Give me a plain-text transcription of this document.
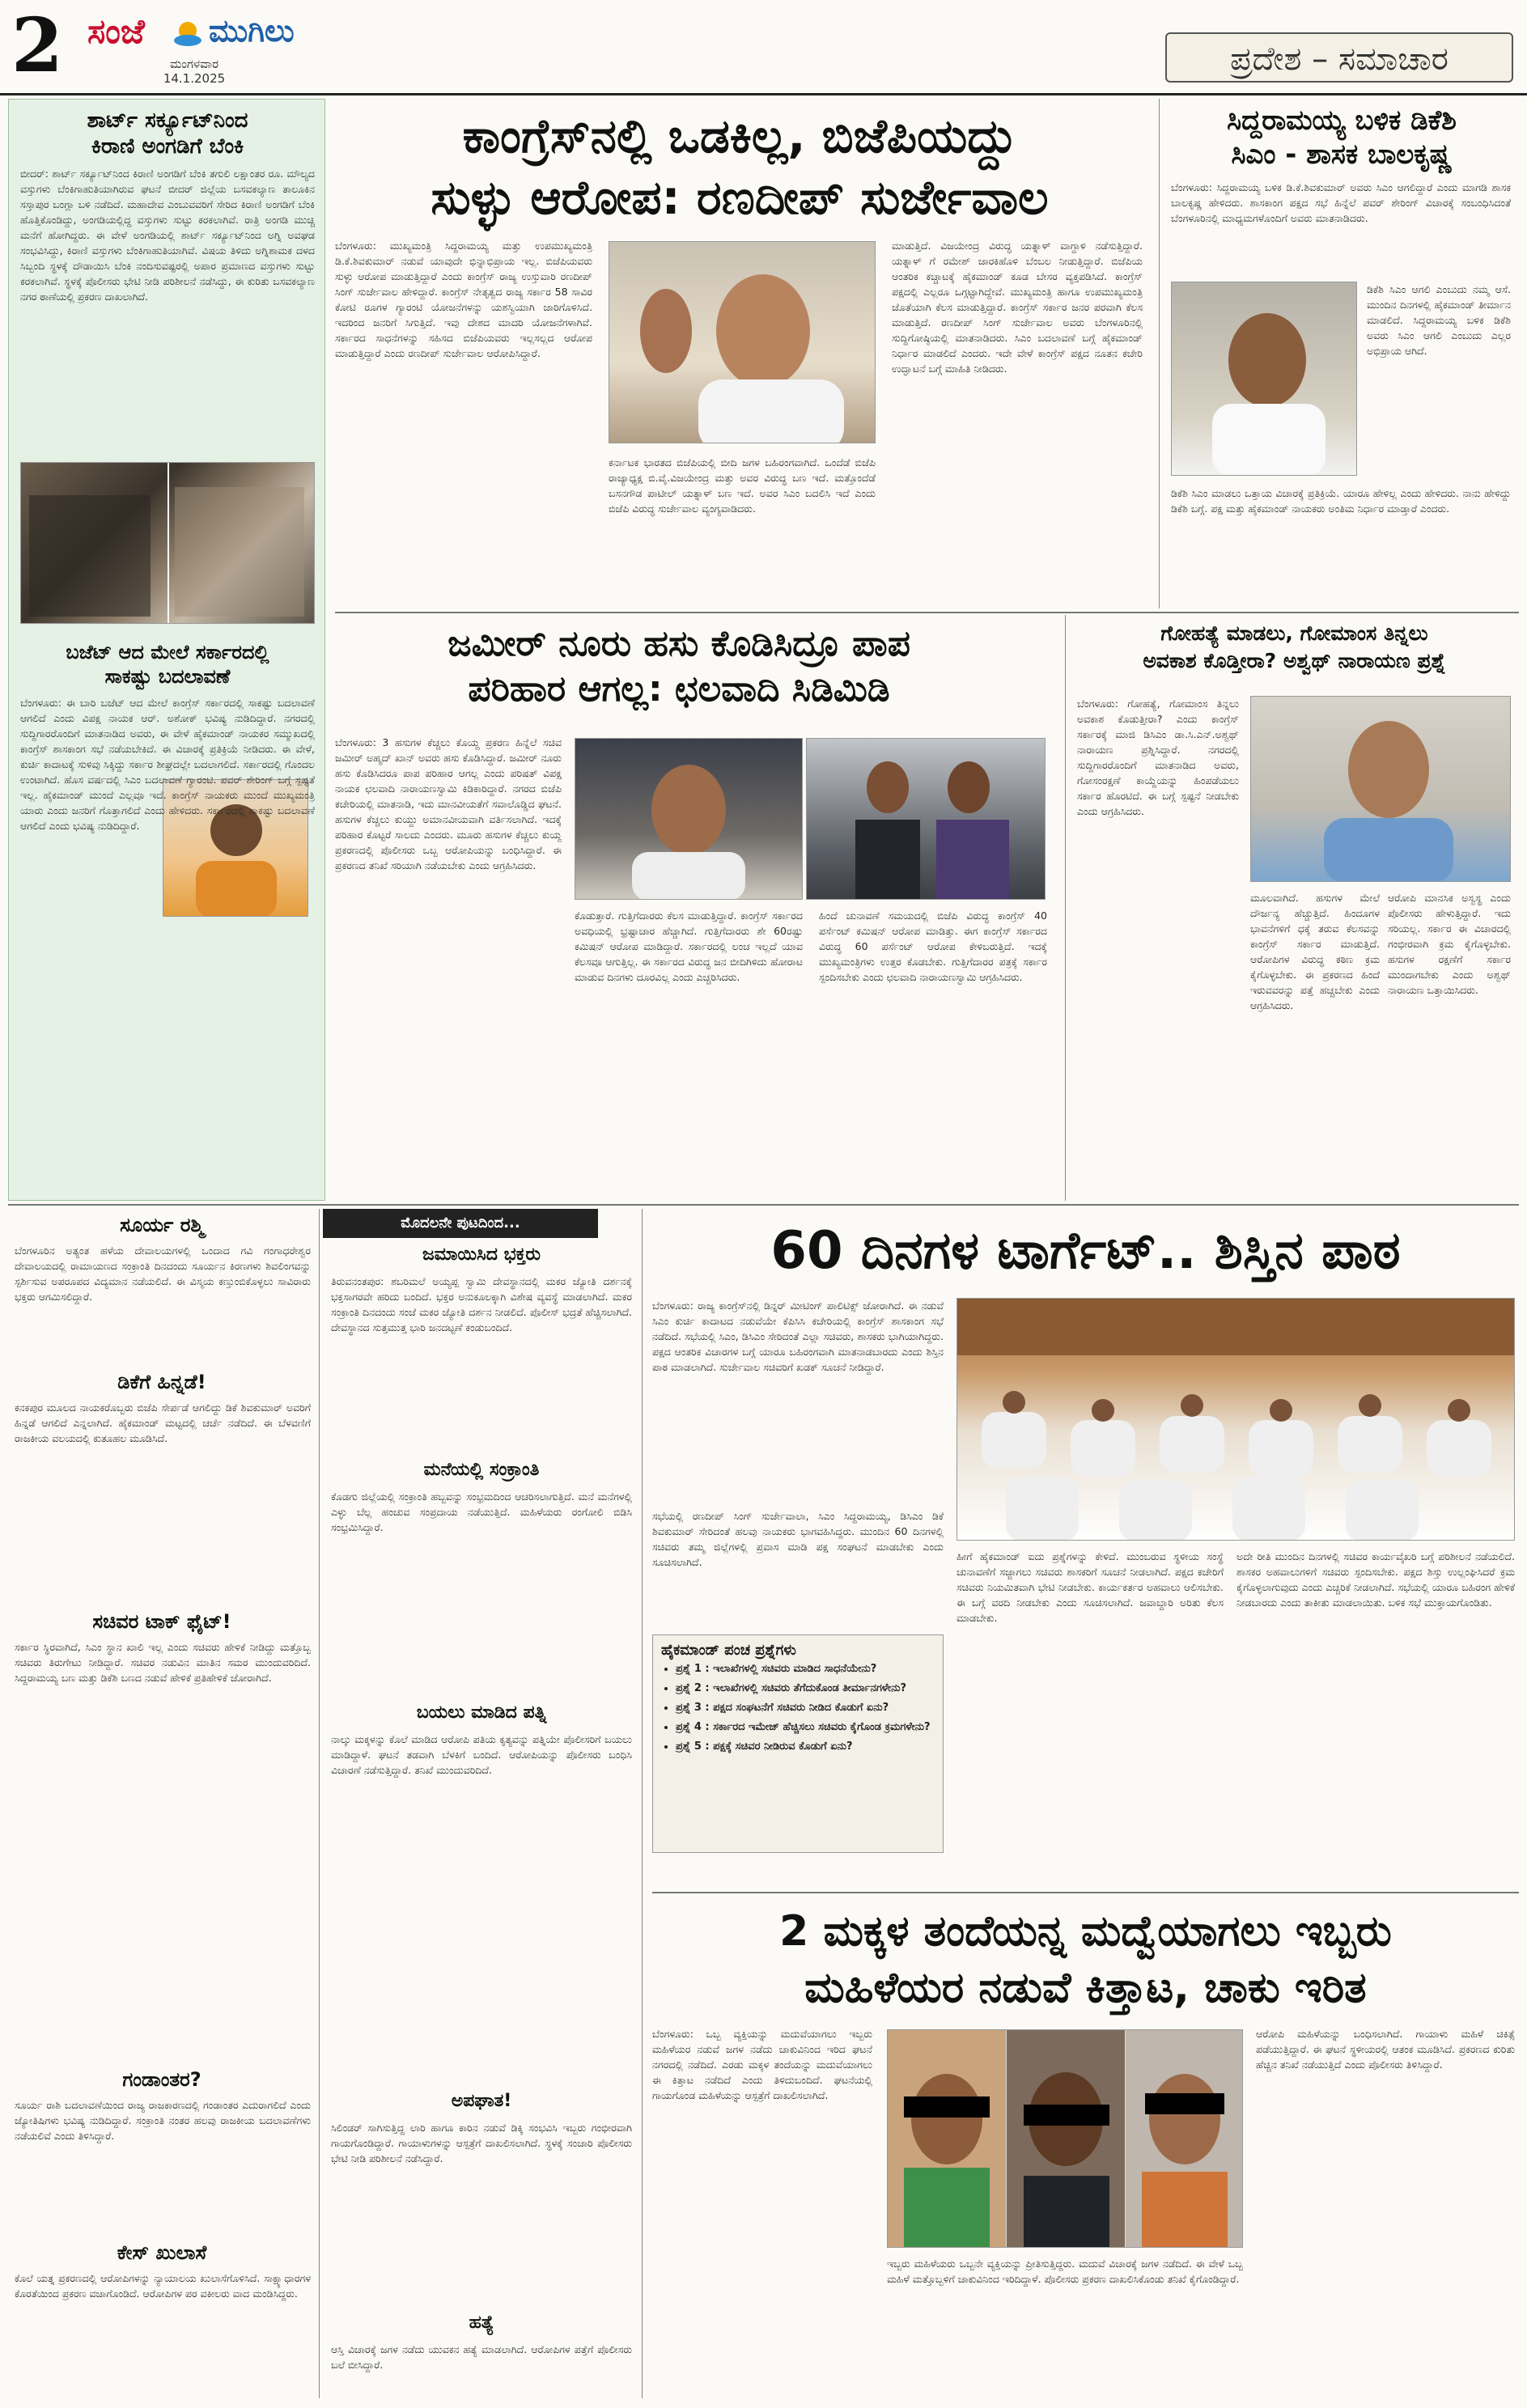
2 ಸಂಜೆ ಮುಗಿಲು
ಮಂಗಳವಾರ
14.1.2025
ಪ್ರದೇಶ – ಸಮಾಚಾರ
ಶಾರ್ಟ್ ಸರ್ಕ್ಯೂಟ್‌ನಿಂದ
ಕಿರಾಣಿ ಅಂಗಡಿಗೆ ಬೆಂಕಿ
ಬೀದರ್: ಶಾರ್ಟ್ ಸರ್ಕ್ಯೂಟ್‌ನಿಂದ ಕಿರಾಣಿ ಅಂಗಡಿಗೆ ಬೆಂಕಿ ತಗುಲಿ ಲಕ್ಷಾಂತರ ರೂ. ಮೌಲ್ಯದ ವಸ್ತುಗಳು ಬೆಂಕಿಗಾಹುತಿಯಾಗಿರುವ ಘಟನೆ ಬೀದರ್ ಜಿಲ್ಲೆಯ ಬಸವಕಲ್ಯಾಣ ತಾಲೂಕಿನ ಸಸ್ತಾಪುರ ಬಂಗ್ಲಾ ಬಳಿ ನಡೆದಿದೆ. ಮಹಾದೇವ ಎಂಬುವವರಿಗೆ ಸೇರಿದ ಕಿರಾಣಿ ಅಂಗಡಿಗೆ ಬೆಂಕಿ ಹೊತ್ತಿಕೊಂಡಿದ್ದು, ಅಂಗಡಿಯಲ್ಲಿದ್ದ ವಸ್ತುಗಳು ಸುಟ್ಟು ಕರಕಲಾಗಿವೆ. ರಾತ್ರಿ ಅಂಗಡಿ ಮುಚ್ಚಿ ಮನೆಗೆ ಹೋಗಿದ್ದರು. ಈ ವೇಳೆ ಅಂಗಡಿಯಲ್ಲಿ ಶಾರ್ಟ್ ಸರ್ಕ್ಯೂಟ್‌ನಿಂದ ಅಗ್ನಿ ಅವಘಡ ಸಂಭವಿಸಿದ್ದು, ಕಿರಾಣಿ ವಸ್ತುಗಳು ಬೆಂಕಿಗಾಹುತಿಯಾಗಿವೆ. ವಿಷಯ ತಿಳಿದು ಅಗ್ನಿಶಾಮಕ ದಳದ ಸಿಬ್ಬಂದಿ ಸ್ಥಳಕ್ಕೆ ದೌಡಾಯಿಸಿ ಬೆಂಕಿ ನಂದಿಸುವಷ್ಟರಲ್ಲಿ ಅಪಾರ ಪ್ರಮಾಣದ ವಸ್ತುಗಳು ಸುಟ್ಟು ಕರಕಲಾಗಿವೆ. ಸ್ಥಳಕ್ಕೆ ಪೊಲೀಸರು ಭೇಟಿ ನೀಡಿ ಪರಿಶೀಲನೆ ನಡೆಸಿದ್ದು, ಈ ಕುರಿತು ಬಸವಕಲ್ಯಾಣ ನಗರ ಠಾಣೆಯಲ್ಲಿ ಪ್ರಕರಣ ದಾಖಲಾಗಿದೆ.
ಬಜೆಟ್ ಆದ ಮೇಲೆ ಸರ್ಕಾರದಲ್ಲಿ
ಸಾಕಷ್ಟು ಬದಲಾವಣೆ
ಬೆಂಗಳೂರು: ಈ ಬಾರಿ ಬಜೆಟ್ ಆದ ಮೇಲೆ ಕಾಂಗ್ರೆಸ್ ಸರ್ಕಾರದಲ್ಲಿ ಸಾಕಷ್ಟು ಬದಲಾವಣೆ ಆಗಲಿದೆ ಎಂದು ವಿಪಕ್ಷ ನಾಯಕ ಆರ್. ಅಶೋಕ್ ಭವಿಷ್ಯ ನುಡಿದಿದ್ದಾರೆ. ನಗರದಲ್ಲಿ ಸುದ್ದಿಗಾರರೊಂದಿಗೆ ಮಾತನಾಡಿದ ಅವರು, ಈ ವೇಳೆ ಹೈಕಮಾಂಡ್ ನಾಯಕರ ಸಮ್ಮುಖದಲ್ಲಿ ಕಾಂಗ್ರೆಸ್ ಶಾಸಕಾಂಗ ಸಭೆ ನಡೆಯಬೇಕಿದೆ. ಈ ವಿಚಾರಕ್ಕೆ ಪ್ರತಿಕ್ರಿಯೆ ನೀಡಿದರು. ಈ ವೇಳೆ, ಕುರ್ಚಿ ಕಾದಾಟಕ್ಕೆ ಸುಳಿವು ಸಿಕ್ಕಿದ್ದು ಸರ್ಕಾರ ಶೀಘ್ರದಲ್ಲೇ ಬದಲಾಗಲಿದೆ. ಸರ್ಕಾರದಲ್ಲಿ ಗೊಂದಲ ಉಂಟಾಗಿದೆ. ಹೊಸ ವರ್ಷದಲ್ಲಿ ಸಿಎಂ ಬದಲಾವಣೆ ಗ್ಯಾರಂಟಿ. ಪವರ್ ಶೇರಿಂಗ್ ಬಗ್ಗೆ ಸ್ಪಷ್ಟತೆ ಇಲ್ಲ. ಹೈಕಮಾಂಡ್ ಮುಂದೆ ಎಲ್ಲವೂ ಇದೆ. ಕಾಂಗ್ರೆಸ್ ನಾಯಕರು ಮುಂದೆ ಮುಖ್ಯಮಂತ್ರಿ ಯಾರು ಎಂದು ಜನರಿಗೆ ಗೊತ್ತಾಗಲಿದೆ ಎಂದು ಹೇಳಿದರು. ಸರ್ಕಾರದಲ್ಲಿ ಸಾಕಷ್ಟು ಬದಲಾವಣೆ ಆಗಲಿದೆ ಎಂದು ಭವಿಷ್ಯ ನುಡಿದಿದ್ದಾರೆ.
ಕಾಂಗ್ರೆಸ್‌ನಲ್ಲಿ ಒಡಕಿಲ್ಲ, ಬಿಜೆಪಿಯದ್ದು
ಸುಳ್ಳು ಆರೋಪ: ರಣದೀಪ್ ಸುರ್ಜೇವಾಲ
ಬೆಂಗಳೂರು: ಮುಖ್ಯಮಂತ್ರಿ ಸಿದ್ದರಾಮಯ್ಯ ಮತ್ತು ಉಪಮುಖ್ಯಮಂತ್ರಿ ಡಿ.ಕೆ.ಶಿವಕುಮಾರ್ ನಡುವೆ ಯಾವುದೇ ಭಿನ್ನಾಭಿಪ್ರಾಯ ಇಲ್ಲ. ಬಿಜೆಪಿಯವರು ಸುಳ್ಳು ಆರೋಪ ಮಾಡುತ್ತಿದ್ದಾರೆ ಎಂದು ಕಾಂಗ್ರೆಸ್ ರಾಜ್ಯ ಉಸ್ತುವಾರಿ ರಣದೀಪ್ ಸಿಂಗ್ ಸುರ್ಜೇವಾಲ ಹೇಳಿದ್ದಾರೆ. ಕಾಂಗ್ರೆಸ್ ನೇತೃತ್ವದ ರಾಜ್ಯ ಸರ್ಕಾರ 58 ಸಾವಿರ ಕೋಟಿ ರೂಗಳ ಗ್ಯಾರಂಟಿ ಯೋಜನೆಗಳನ್ನು ಯಶಸ್ವಿಯಾಗಿ ಜಾರಿಗೊಳಿಸಿದೆ. ಇದರಿಂದ ಜನರಿಗೆ ಸಿಗುತ್ತಿದೆ. ಇವು ದೇಶದ ಮಾದರಿ ಯೋಜನೆಗಳಾಗಿವೆ. ಸರ್ಕಾರದ ಸಾಧನೆಗಳನ್ನು ಸಹಿಸದ ಬಿಜೆಪಿಯವರು ಇಲ್ಲಸಲ್ಲದ ಆರೋಪ ಮಾಡುತ್ತಿದ್ದಾರೆ ಎಂದು ರಣದೀಪ್ ಸುರ್ಜೇವಾಲ ಆರೋಪಿಸಿದ್ದಾರೆ.
ಕರ್ನಾಟಕ ಭಾರತದ ಬಿಜೆಪಿಯಲ್ಲಿ ಬೀದಿ ಜಗಳ ಬಹಿರಂಗವಾಗಿದೆ. ಒಂದೆಡೆ ಬಿಜೆಪಿ ರಾಜ್ಯಾಧ್ಯಕ್ಷ ಬಿ.ವೈ.ವಿಜಯೇಂದ್ರ ಮತ್ತು ಅವರ ವಿರುದ್ಧ ಬಣ ಇದೆ. ಮತ್ತೊಂದೆಡೆ ಬಸನಗೌಡ ಪಾಟೀಲ್ ಯತ್ನಾಳ್ ಬಣ ಇದೆ. ಅವರ ಸಿಎಂ ಬದಲಿಸಿ ಇದೆ ಎಂದು ಬಿಜೆಪಿ ವಿರುದ್ಧ ಸುರ್ಜೇವಾಲ ವ್ಯಂಗ್ಯವಾಡಿದರು.
ಮಾಡುತ್ತಿದೆ. ವಿಜಯೇಂದ್ರ ವಿರುದ್ಧ ಯತ್ನಾಳ್ ವಾಗ್ದಾಳಿ ನಡೆಸುತ್ತಿದ್ದಾರೆ. ಯತ್ನಾಳ್ ಗೆ ರಮೇಶ್ ಜಾರಕಿಹೊಳಿ ಬೆಂಬಲ ನೀಡುತ್ತಿದ್ದಾರೆ. ಬಿಜೆಪಿಯ ಆಂತರಿಕ ಕಚ್ಚಾಟಕ್ಕೆ ಹೈಕಮಾಂಡ್ ಕೂಡ ಬೇಸರ ವ್ಯಕ್ತಪಡಿಸಿದೆ. ಕಾಂಗ್ರೆಸ್ ಪಕ್ಷದಲ್ಲಿ ಎಲ್ಲರೂ ಒಗ್ಗಟ್ಟಾಗಿದ್ದೇವೆ. ಮುಖ್ಯಮಂತ್ರಿ ಹಾಗೂ ಉಪಮುಖ್ಯಮಂತ್ರಿ ಜೊತೆಯಾಗಿ ಕೆಲಸ ಮಾಡುತ್ತಿದ್ದಾರೆ. ಕಾಂಗ್ರೆಸ್ ಸರ್ಕಾರ ಜನರ ಪರವಾಗಿ ಕೆಲಸ ಮಾಡುತ್ತಿದೆ. ರಣದೀಪ್ ಸಿಂಗ್ ಸುರ್ಜೇವಾಲ ಅವರು ಬೆಂಗಳೂರಿನಲ್ಲಿ ಸುದ್ದಿಗೋಷ್ಠಿಯಲ್ಲಿ ಮಾತನಾಡಿದರು. ಸಿಎಂ ಬದಲಾವಣೆ ಬಗ್ಗೆ ಹೈಕಮಾಂಡ್ ನಿರ್ಧಾರ ಮಾಡಲಿದೆ ಎಂದರು. ಇದೇ ವೇಳೆ ಕಾಂಗ್ರೆಸ್ ಪಕ್ಷದ ನೂತನ ಕಚೇರಿ ಉದ್ಘಾಟನೆ ಬಗ್ಗೆ ಮಾಹಿತಿ ನೀಡಿದರು.
ಸಿದ್ದರಾಮಯ್ಯ ಬಳಿಕ ಡಿಕೆಶಿ
ಸಿಎಂ - ಶಾಸಕ ಬಾಲಕೃಷ್ಣ
ಬೆಂಗಳೂರು: ಸಿದ್ದರಾಮಯ್ಯ ಬಳಿಕ ಡಿ.ಕೆ.ಶಿವಕುಮಾರ್ ಅವರು ಸಿಎಂ ಆಗಲಿದ್ದಾರೆ ಎಂದು ಮಾಗಡಿ ಶಾಸಕ ಬಾಲಕೃಷ್ಣ ಹೇಳಿದರು. ಶಾಸಕಾಂಗ ಪಕ್ಷದ ಸಭೆ ಹಿನ್ನೆಲೆ ಪವರ್ ಶೇರಿಂಗ್ ವಿಚಾರಕ್ಕೆ ಸಂಬಂಧಿಸಿದಂತೆ ಬೆಂಗಳೂರಿನಲ್ಲಿ ಮಾಧ್ಯಮಗಳೊಂದಿಗೆ ಅವರು ಮಾತನಾಡಿದರು.
ಡಿಕೆಶಿ ಸಿಎಂ ಆಗಲಿ ಎಂಬುದು ನಮ್ಮ ಆಸೆ. ಮುಂದಿನ ದಿನಗಳಲ್ಲಿ ಹೈಕಮಾಂಡ್ ತೀರ್ಮಾನ ಮಾಡಲಿದೆ. ಸಿದ್ದರಾಮಯ್ಯ ಬಳಿಕ ಡಿಕೆಶಿ ಅವರು ಸಿಎಂ ಆಗಲಿ ಎಂಬುದು ಎಲ್ಲರ ಅಭಿಪ್ರಾಯ ಆಗಿದೆ.
ಡಿಕೆಶಿ ಸಿಎಂ ಮಾಡಲು ಒತ್ತಾಯ ವಿಚಾರಕ್ಕೆ ಪ್ರತಿಕ್ರಿಯೆ. ಯಾರೂ ಹೇಳಿಲ್ಲ ಎಂದು ಹೇಳಿದರು. ನಾನು ಹೇಳಿದ್ದು ಡಿಕೆಶಿ ಬಗ್ಗೆ. ಪಕ್ಷ ಮತ್ತು ಹೈಕಮಾಂಡ್ ನಾಯಕರು ಅಂತಿಮ ನಿರ್ಧಾರ ಮಾಡ್ತಾರೆ ಎಂದರು.
ಜಮೀರ್ ನೂರು ಹಸು ಕೊಡಿಸಿದ್ರೂ ಪಾಪ
ಪರಿಹಾರ ಆಗಲ್ಲ: ಛಲವಾದಿ ಸಿಡಿಮಿಡಿ
ಬೆಂಗಳೂರು: 3 ಹಸುಗಳ ಕೆಚ್ಚಲು ಕೊಯ್ದ ಪ್ರಕರಣ ಹಿನ್ನೆಲೆ ಸಚಿವ ಜಮೀರ್ ಅಹ್ಮದ್ ಖಾನ್ ಅವರು ಹಸು ಕೊಡಿಸಿದ್ದಾರೆ. ಜಮೀರ್ ನೂರು ಹಸು ಕೊಡಿಸಿದರೂ ಪಾಪ ಪರಿಹಾರ ಆಗಲ್ಲ ಎಂದು ಪರಿಷತ್ ವಿಪಕ್ಷ ನಾಯಕ ಛಲವಾದಿ ನಾರಾಯಣಸ್ವಾಮಿ ಕಿಡಿಕಾರಿದ್ದಾರೆ. ನಗರದ ಬಿಜೆಪಿ ಕಚೇರಿಯಲ್ಲಿ ಮಾತನಾಡಿ, ಇದು ಮಾನವೀಯತೆಗೆ ಸವಾಲೊಡ್ಡಿದ ಘಟನೆ. ಹಸುಗಳ ಕೆಚ್ಚಲು ಕುಯ್ದು ಅಮಾನವೀಯವಾಗಿ ವರ್ತಿಸಲಾಗಿದೆ. ಇದಕ್ಕೆ ಪರಿಹಾರ ಕೊಟ್ಟರೆ ಸಾಲದು ಎಂದರು. ಮೂರು ಹಸುಗಳ ಕೆಚ್ಚಲು ಕುಯ್ದ ಪ್ರಕರಣದಲ್ಲಿ ಪೊಲೀಸರು ಒಬ್ಬ ಆರೋಪಿಯನ್ನು ಬಂಧಿಸಿದ್ದಾರೆ. ಈ ಪ್ರಕರಣದ ತನಿಖೆ ಸರಿಯಾಗಿ ನಡೆಯಬೇಕು ಎಂದು ಆಗ್ರಹಿಸಿದರು.
ಕೊಡುತ್ತಾರೆ. ಗುತ್ತಿಗೆದಾರರು ಕೆಲಸ ಮಾಡುತ್ತಿದ್ದಾರೆ. ಕಾಂಗ್ರೆಸ್ ಸರ್ಕಾರದ ಅವಧಿಯಲ್ಲಿ ಭ್ರಷ್ಟಾಚಾರ ಹೆಚ್ಚಾಗಿದೆ. ಗುತ್ತಿಗೆದಾರರು ಶೇ 60ರಷ್ಟು ಕಮಿಷನ್ ಆರೋಪ ಮಾಡಿದ್ದಾರೆ. ಸರ್ಕಾರದಲ್ಲಿ ಲಂಚ ಇಲ್ಲದೆ ಯಾವ ಕೆಲಸವೂ ಆಗುತ್ತಿಲ್ಲ. ಈ ಸರ್ಕಾರದ ವಿರುದ್ಧ ಜನ ಬೀದಿಗಿಳಿದು ಹೋರಾಟ ಮಾಡುವ ದಿನಗಳು ದೂರವಿಲ್ಲ ಎಂದು ಎಚ್ಚರಿಸಿದರು.
ಹಿಂದೆ ಚುನಾವಣೆ ಸಮಯದಲ್ಲಿ ಬಿಜೆಪಿ ವಿರುದ್ಧ ಕಾಂಗ್ರೆಸ್ 40 ಪರ್ಸೆಂಟ್ ಕಮಿಷನ್ ಆರೋಪ ಮಾಡಿತ್ತು. ಈಗ ಕಾಂಗ್ರೆಸ್ ಸರ್ಕಾರದ ವಿರುದ್ಧ 60 ಪರ್ಸೆಂಟ್ ಆರೋಪ ಕೇಳಿಬರುತ್ತಿದೆ. ಇದಕ್ಕೆ ಮುಖ್ಯಮಂತ್ರಿಗಳು ಉತ್ತರ ಕೊಡಬೇಕು. ಗುತ್ತಿಗೆದಾರರ ಪತ್ರಕ್ಕೆ ಸರ್ಕಾರ ಸ್ಪಂದಿಸಬೇಕು ಎಂದು ಛಲವಾದಿ ನಾರಾಯಣಸ್ವಾಮಿ ಆಗ್ರಹಿಸಿದರು.
ಗೋಹತ್ಯೆ ಮಾಡಲು, ಗೋಮಾಂಸ ತಿನ್ನಲು
ಅವಕಾಶ ಕೊಡ್ತೀರಾ? ಅಶ್ವಥ್ ನಾರಾಯಣ ಪ್ರಶ್ನೆ
ಬೆಂಗಳೂರು: ಗೋಹತ್ಯೆ, ಗೋಮಾಂಸ ತಿನ್ನಲು ಅವಕಾಶ ಕೊಡುತ್ತೀರಾ? ಎಂದು ಕಾಂಗ್ರೆಸ್ ಸರ್ಕಾರಕ್ಕೆ ಮಾಜಿ ಡಿಸಿಎಂ ಡಾ.ಸಿ.ಎನ್.ಅಶ್ವಥ್ ನಾರಾಯಣ ಪ್ರಶ್ನಿಸಿದ್ದಾರೆ. ನಗರದಲ್ಲಿ ಸುದ್ದಿಗಾರರೊಂದಿಗೆ ಮಾತನಾಡಿದ ಅವರು, ಗೋಸಂರಕ್ಷಣೆ ಕಾಯ್ದೆಯನ್ನು ಹಿಂಪಡೆಯಲು ಸರ್ಕಾರ ಹೊರಟಿದೆ. ಈ ಬಗ್ಗೆ ಸ್ಪಷ್ಟನೆ ನೀಡಬೇಕು ಎಂದು ಆಗ್ರಹಿಸಿದರು.
ಮೂಲವಾಗಿದೆ. ಹಸುಗಳ ಮೇಲೆ ದೌರ್ಜನ್ಯ ಹೆಚ್ಚುತ್ತಿದೆ. ಹಿಂದೂಗಳ ಭಾವನೆಗಳಿಗೆ ಧಕ್ಕೆ ತರುವ ಕೆಲಸವನ್ನು ಕಾಂಗ್ರೆಸ್ ಸರ್ಕಾರ ಮಾಡುತ್ತಿದೆ. ಆರೋಪಿಗಳ ವಿರುದ್ಧ ಕಠಿಣ ಕ್ರಮ ಕೈಗೊಳ್ಳಬೇಕು. ಈ ಪ್ರಕರಣದ ಹಿಂದೆ ಇರುವವರನ್ನು ಪತ್ತೆ ಹಚ್ಚಬೇಕು ಎಂದು ಆಗ್ರಹಿಸಿದರು.
ಆರೋಪಿ ಮಾನಸಿಕ ಅಸ್ವಸ್ಥ ಎಂದು ಪೊಲೀಸರು ಹೇಳುತ್ತಿದ್ದಾರೆ. ಇದು ಸರಿಯಲ್ಲ. ಸರ್ಕಾರ ಈ ವಿಚಾರದಲ್ಲಿ ಗಂಭೀರವಾಗಿ ಕ್ರಮ ಕೈಗೊಳ್ಳಬೇಕು. ಹಸುಗಳ ರಕ್ಷಣೆಗೆ ಸರ್ಕಾರ ಮುಂದಾಗಬೇಕು ಎಂದು ಅಶ್ವಥ್ ನಾರಾಯಣ ಒತ್ತಾಯಿಸಿದರು.
ಸೂರ್ಯ ರಶ್ಮಿ
ಬೆಂಗಳೂರಿನ ಅತ್ಯಂತ ಹಳೆಯ ದೇವಾಲಯಗಳಲ್ಲಿ ಒಂದಾದ ಗವಿ ಗಂಗಾಧರೇಶ್ವರ ದೇವಾಲಯದಲ್ಲಿ ರಾಮಾಯಣದ ಸಂಕ್ರಾಂತಿ ದಿನದಂದು ಸೂರ್ಯನ ಕಿರಣಗಳು ಶಿವಲಿಂಗವನ್ನು ಸ್ಪರ್ಶಿಸುವ ಅಪರೂಪದ ವಿದ್ಯಮಾನ ನಡೆಯಲಿದೆ. ಈ ವಿಸ್ಮಯ ಕಣ್ತುಂಬಿಕೊಳ್ಳಲು ಸಾವಿರಾರು ಭಕ್ತರು ಆಗಮಿಸಲಿದ್ದಾರೆ.
ಡಿಕೆಗೆ ಹಿನ್ನಡೆ!
ಕನಕಪುರ ಮೂಲದ ನಾಯಕರೊಬ್ಬರು ಬಿಜೆಪಿ ಸೇರ್ಪಡೆ ಆಗಲಿದ್ದು ಡಿಕೆ ಶಿವಕುಮಾರ್ ಅವರಿಗೆ ಹಿನ್ನಡೆ ಆಗಲಿದೆ ಎನ್ನಲಾಗಿದೆ. ಹೈಕಮಾಂಡ್ ಮಟ್ಟದಲ್ಲಿ ಚರ್ಚೆ ನಡೆದಿದೆ. ಈ ಬೆಳವಣಿಗೆ ರಾಜಕೀಯ ವಲಯದಲ್ಲಿ ಕುತೂಹಲ ಮೂಡಿಸಿದೆ.
ಸಚಿವರ ಟಾಕ್ ಫೈಟ್!
ಸರ್ಕಾರ ಸ್ಥಿರವಾಗಿದೆ, ಸಿಎಂ ಸ್ಥಾನ ಖಾಲಿ ಇಲ್ಲ ಎಂದು ಸಚಿವರು ಹೇಳಿಕೆ ನೀಡಿದ್ದು ಮತ್ತೊಬ್ಬ ಸಚಿವರು ತಿರುಗೇಟು ನೀಡಿದ್ದಾರೆ. ಸಚಿವರ ನಡುವಿನ ಮಾತಿನ ಸಮರ ಮುಂದುವರಿದಿದೆ. ಸಿದ್ದರಾಮಯ್ಯ ಬಣ ಮತ್ತು ಡಿಕೆಶಿ ಬಣದ ನಡುವೆ ಹೇಳಿಕೆ ಪ್ರತಿಹೇಳಿಕೆ ಜೋರಾಗಿದೆ.
ಗಂಡಾಂತರ?
ಸೂರ್ಯ ರಾಶಿ ಬದಲಾವಣೆಯಿಂದ ರಾಜ್ಯ ರಾಜಕಾರಣದಲ್ಲಿ ಗಂಡಾಂತರ ಎದುರಾಗಲಿದೆ ಎಂದು ಜ್ಯೋತಿಷಿಗಳು ಭವಿಷ್ಯ ನುಡಿದಿದ್ದಾರೆ. ಸಂಕ್ರಾಂತಿ ನಂತರ ಹಲವು ರಾಜಕೀಯ ಬದಲಾವಣೆಗಳು ನಡೆಯಲಿವೆ ಎಂದು ತಿಳಿಸಿದ್ದಾರೆ.
ಕೇಸ್ ಖುಲಾಸೆ
ಕೊಲೆ ಯತ್ನ ಪ್ರಕರಣದಲ್ಲಿ ಆರೋಪಿಗಳನ್ನು ನ್ಯಾಯಾಲಯ ಖುಲಾಸೆಗೊಳಿಸಿದೆ. ಸಾಕ್ಷ್ಯಾಧಾರಗಳ ಕೊರತೆಯಿಂದ ಪ್ರಕರಣ ವಜಾಗೊಂಡಿದೆ. ಆರೋಪಿಗಳ ಪರ ವಕೀಲರು ವಾದ ಮಂಡಿಸಿದ್ದರು.
ಮೊದಲನೇ ಪುಟದಿಂದ...
ಜಮಾಯಿಸಿದ ಭಕ್ತರು
ತಿರುವನಂತಪುರ: ಶಬರಿಮಲೆ ಅಯ್ಯಪ್ಪ ಸ್ವಾಮಿ ದೇವಸ್ಥಾನದಲ್ಲಿ ಮಕರ ಜ್ಯೋತಿ ದರ್ಶನಕ್ಕೆ ಭಕ್ತಸಾಗರವೇ ಹರಿದು ಬಂದಿದೆ. ಭಕ್ತರ ಅನುಕೂಲಕ್ಕಾಗಿ ವಿಶೇಷ ವ್ಯವಸ್ಥೆ ಮಾಡಲಾಗಿದೆ. ಮಕರ ಸಂಕ್ರಾಂತಿ ದಿನದಂದು ಸಂಜೆ ಮಕರ ಜ್ಯೋತಿ ದರ್ಶನ ನೀಡಲಿದೆ. ಪೊಲೀಸ್ ಭದ್ರತೆ ಹೆಚ್ಚಿಸಲಾಗಿದೆ. ದೇವಸ್ಥಾನದ ಸುತ್ತಮುತ್ತ ಭಾರಿ ಜನದಟ್ಟಣೆ ಕಂಡುಬಂದಿದೆ.
ಮನೆಯಲ್ಲಿ ಸಂಕ್ರಾಂತಿ
ಕೊಡಗು ಜಿಲ್ಲೆಯಲ್ಲಿ ಸಂಕ್ರಾಂತಿ ಹಬ್ಬವನ್ನು ಸಂಭ್ರಮದಿಂದ ಆಚರಿಸಲಾಗುತ್ತಿದೆ. ಮನೆ ಮನೆಗಳಲ್ಲಿ ಎಳ್ಳು ಬೆಲ್ಲ ಹಂಚುವ ಸಂಪ್ರದಾಯ ನಡೆಯುತ್ತಿದೆ. ಮಹಿಳೆಯರು ರಂಗೋಲಿ ಬಿಡಿಸಿ ಸಂಭ್ರಮಿಸಿದ್ದಾರೆ.
ಬಯಲು ಮಾಡಿದ ಪತ್ನಿ
ನಾಲ್ಕು ಮಕ್ಕಳನ್ನು ಕೊಲೆ ಮಾಡಿದ ಆರೋಪಿ ಪತಿಯ ಕೃತ್ಯವನ್ನು ಪತ್ನಿಯೇ ಪೊಲೀಸರಿಗೆ ಬಯಲು ಮಾಡಿದ್ದಾಳೆ. ಘಟನೆ ತಡವಾಗಿ ಬೆಳಕಿಗೆ ಬಂದಿದೆ. ಆರೋಪಿಯನ್ನು ಪೊಲೀಸರು ಬಂಧಿಸಿ ವಿಚಾರಣೆ ನಡೆಸುತ್ತಿದ್ದಾರೆ. ತನಿಖೆ ಮುಂದುವರಿದಿದೆ.
ಅಪಘಾತ!
ಸಿಲಿಂಡರ್ ಸಾಗಿಸುತ್ತಿದ್ದ ಲಾರಿ ಹಾಗೂ ಕಾರಿನ ನಡುವೆ ಡಿಕ್ಕಿ ಸಂಭವಿಸಿ ಇಬ್ಬರು ಗಂಭೀರವಾಗಿ ಗಾಯಗೊಂಡಿದ್ದಾರೆ. ಗಾಯಾಳುಗಳನ್ನು ಆಸ್ಪತ್ರೆಗೆ ದಾಖಲಿಸಲಾಗಿದೆ. ಸ್ಥಳಕ್ಕೆ ಸಂಚಾರಿ ಪೊಲೀಸರು ಭೇಟಿ ನೀಡಿ ಪರಿಶೀಲನೆ ನಡೆಸಿದ್ದಾರೆ.
ಹತ್ಯೆ
ಆಸ್ತಿ ವಿಚಾರಕ್ಕೆ ಜಗಳ ನಡೆದು ಯುವಕನ ಹತ್ಯೆ ಮಾಡಲಾಗಿದೆ. ಆರೋಪಿಗಳ ಪತ್ತೆಗೆ ಪೊಲೀಸರು ಬಲೆ ಬೀಸಿದ್ದಾರೆ.
60 ದಿನಗಳ ಟಾರ್ಗೆಟ್.. ಶಿಸ್ತಿನ ಪಾಠ
ಬೆಂಗಳೂರು: ರಾಜ್ಯ ಕಾಂಗ್ರೆಸ್‌ನಲ್ಲಿ ಡಿನ್ನರ್ ಮೀಟಿಂಗ್ ಪಾಲಿಟಿಕ್ಸ್ ಜೋರಾಗಿದೆ. ಈ ನಡುವೆ ಸಿಎಂ ಕುರ್ಚಿ ಕಾದಾಟದ ನಡುವೆಯೇ ಕೆಪಿಸಿಸಿ ಕಚೇರಿಯಲ್ಲಿ ಕಾಂಗ್ರೆಸ್ ಶಾಸಕಾಂಗ ಸಭೆ ನಡೆದಿದೆ. ಸಭೆಯಲ್ಲಿ ಸಿಎಂ, ಡಿಸಿಎಂ ಸೇರಿದಂತೆ ಎಲ್ಲಾ ಸಚಿವರು, ಶಾಸಕರು ಭಾಗಿಯಾಗಿದ್ದರು. ಪಕ್ಷದ ಆಂತರಿಕ ವಿಚಾರಗಳ ಬಗ್ಗೆ ಯಾರೂ ಬಹಿರಂಗವಾಗಿ ಮಾತನಾಡಬಾರದು ಎಂದು ಶಿಸ್ತಿನ ಪಾಠ ಮಾಡಲಾಗಿದೆ. ಸುರ್ಜೇವಾಲ ಸಚಿವರಿಗೆ ಖಡಕ್ ಸೂಚನೆ ನೀಡಿದ್ದಾರೆ.
ಸಭೆಯಲ್ಲಿ ರಣದೀಪ್ ಸಿಂಗ್ ಸುರ್ಜೇವಾಲಾ, ಸಿಎಂ ಸಿದ್ದರಾಮಯ್ಯ, ಡಿಸಿಎಂ ಡಿಕೆ ಶಿವಕುಮಾರ್ ಸೇರಿದಂತೆ ಹಲವು ನಾಯಕರು ಭಾಗವಹಿಸಿದ್ದರು. ಮುಂದಿನ 60 ದಿನಗಳಲ್ಲಿ ಸಚಿವರು ತಮ್ಮ ಜಿಲ್ಲೆಗಳಲ್ಲಿ ಪ್ರವಾಸ ಮಾಡಿ ಪಕ್ಷ ಸಂಘಟನೆ ಮಾಡಬೇಕು ಎಂದು ಸೂಚಿಸಲಾಗಿದೆ.
ಹೈಕಮಾಂಡ್ ಪಂಚ ಪ್ರಶ್ನೆಗಳು
• ಪ್ರಶ್ನೆ 1 : ಇಲಾಖೆಗಳಲ್ಲಿ ಸಚಿವರು ಮಾಡಿದ ಸಾಧನೆಯೇನು?
• ಪ್ರಶ್ನೆ 2 : ಇಲಾಖೆಗಳಲ್ಲಿ ಸಚಿವರು ತೆಗೆದುಕೊಂಡ ತೀರ್ಮಾನಗಳೇನು?
• ಪ್ರಶ್ನೆ 3 : ಪಕ್ಷದ ಸಂಘಟನೆಗೆ ಸಚಿವರು ನೀಡಿದ ಕೊಡುಗೆ ಏನು?
• ಪ್ರಶ್ನೆ 4 : ಸರ್ಕಾರದ ಇಮೇಜ್ ಹೆಚ್ಚಿಸಲು ಸಚಿವರು ಕೈಗೊಂಡ ಕ್ರಮಗಳೇನು?
• ಪ್ರಶ್ನೆ 5 : ಪಕ್ಷಕ್ಕೆ ಸಚಿವರ ನೀಡಿರುವ ಕೊಡುಗೆ ಏನು?
ಹೀಗೆ ಹೈಕಮಾಂಡ್ ಐದು ಪ್ರಶ್ನೆಗಳನ್ನು ಕೇಳಿದೆ. ಮುಂಬರುವ ಸ್ಥಳೀಯ ಸಂಸ್ಥೆ ಚುನಾವಣೆಗೆ ಸಜ್ಜಾಗಲು ಸಚಿವರು ಶಾಸಕರಿಗೆ ಸೂಚನೆ ನೀಡಲಾಗಿದೆ. ಪಕ್ಷದ ಕಚೇರಿಗೆ ಸಚಿವರು ನಿಯಮಿತವಾಗಿ ಭೇಟಿ ನೀಡಬೇಕು. ಕಾರ್ಯಕರ್ತರ ಅಹವಾಲು ಆಲಿಸಬೇಕು. ಈ ಬಗ್ಗೆ ವರದಿ ನೀಡಬೇಕು ಎಂದು ಸೂಚಿಸಲಾಗಿದೆ. ಜವಾಬ್ದಾರಿ ಅರಿತು ಕೆಲಸ ಮಾಡಬೇಕು.
ಅದೇ ರೀತಿ ಮುಂದಿನ ದಿನಗಳಲ್ಲಿ ಸಚಿವರ ಕಾರ್ಯವೈಖರಿ ಬಗ್ಗೆ ಪರಿಶೀಲನೆ ನಡೆಯಲಿದೆ. ಶಾಸಕರ ಅಹವಾಲುಗಳಿಗೆ ಸಚಿವರು ಸ್ಪಂದಿಸಬೇಕು. ಪಕ್ಷದ ಶಿಸ್ತು ಉಲ್ಲಂಘಿಸಿದರೆ ಕ್ರಮ ಕೈಗೊಳ್ಳಲಾಗುವುದು ಎಂದು ಎಚ್ಚರಿಕೆ ನೀಡಲಾಗಿದೆ. ಸಭೆಯಲ್ಲಿ ಯಾರೂ ಬಹಿರಂಗ ಹೇಳಿಕೆ ನೀಡಬಾರದು ಎಂದು ತಾಕೀತು ಮಾಡಲಾಯಿತು. ಬಳಿಕ ಸಭೆ ಮುಕ್ತಾಯಗೊಂಡಿತು.
2 ಮಕ್ಕಳ ತಂದೆಯನ್ನ ಮದ್ವೆಯಾಗಲು ಇಬ್ಬರು
ಮಹಿಳೆಯರ ನಡುವೆ ಕಿತ್ತಾಟ, ಚಾಕು ಇರಿತ
ಬೆಂಗಳೂರು: ಒಬ್ಬ ವ್ಯಕ್ತಿಯನ್ನು ಮದುವೆಯಾಗಲು ಇಬ್ಬರು ಮಹಿಳೆಯರ ನಡುವೆ ಜಗಳ ನಡೆದು ಚಾಕುವಿನಿಂದ ಇರಿದ ಘಟನೆ ನಗರದಲ್ಲಿ ನಡೆದಿದೆ. ಎರಡು ಮಕ್ಕಳ ತಂದೆಯನ್ನು ಮದುವೆಯಾಗಲು ಈ ಕಿತ್ತಾಟ ನಡೆದಿದೆ ಎಂದು ತಿಳಿದುಬಂದಿದೆ. ಘಟನೆಯಲ್ಲಿ ಗಾಯಗೊಂಡ ಮಹಿಳೆಯನ್ನು ಆಸ್ಪತ್ರೆಗೆ ದಾಖಲಿಸಲಾಗಿದೆ.
ಇಬ್ಬರು ಮಹಿಳೆಯರು ಒಬ್ಬನೇ ವ್ಯಕ್ತಿಯನ್ನು ಪ್ರೀತಿಸುತ್ತಿದ್ದರು. ಮದುವೆ ವಿಚಾರಕ್ಕೆ ಜಗಳ ನಡೆದಿದೆ. ಈ ವೇಳೆ ಒಬ್ಬ ಮಹಿಳೆ ಮತ್ತೊಬ್ಬಳಿಗೆ ಚಾಕುವಿನಿಂದ ಇರಿದಿದ್ದಾಳೆ. ಪೊಲೀಸರು ಪ್ರಕರಣ ದಾಖಲಿಸಿಕೊಂಡು ತನಿಖೆ ಕೈಗೊಂಡಿದ್ದಾರೆ.
ಆರೋಪಿ ಮಹಿಳೆಯನ್ನು ಬಂಧಿಸಲಾಗಿದೆ. ಗಾಯಾಳು ಮಹಿಳೆ ಚಿಕಿತ್ಸೆ ಪಡೆಯುತ್ತಿದ್ದಾರೆ. ಈ ಘಟನೆ ಸ್ಥಳೀಯರಲ್ಲಿ ಆತಂಕ ಮೂಡಿಸಿದೆ. ಪ್ರಕರಣದ ಕುರಿತು ಹೆಚ್ಚಿನ ತನಿಖೆ ನಡೆಯುತ್ತಿದೆ ಎಂದು ಪೊಲೀಸರು ತಿಳಿಸಿದ್ದಾರೆ.
